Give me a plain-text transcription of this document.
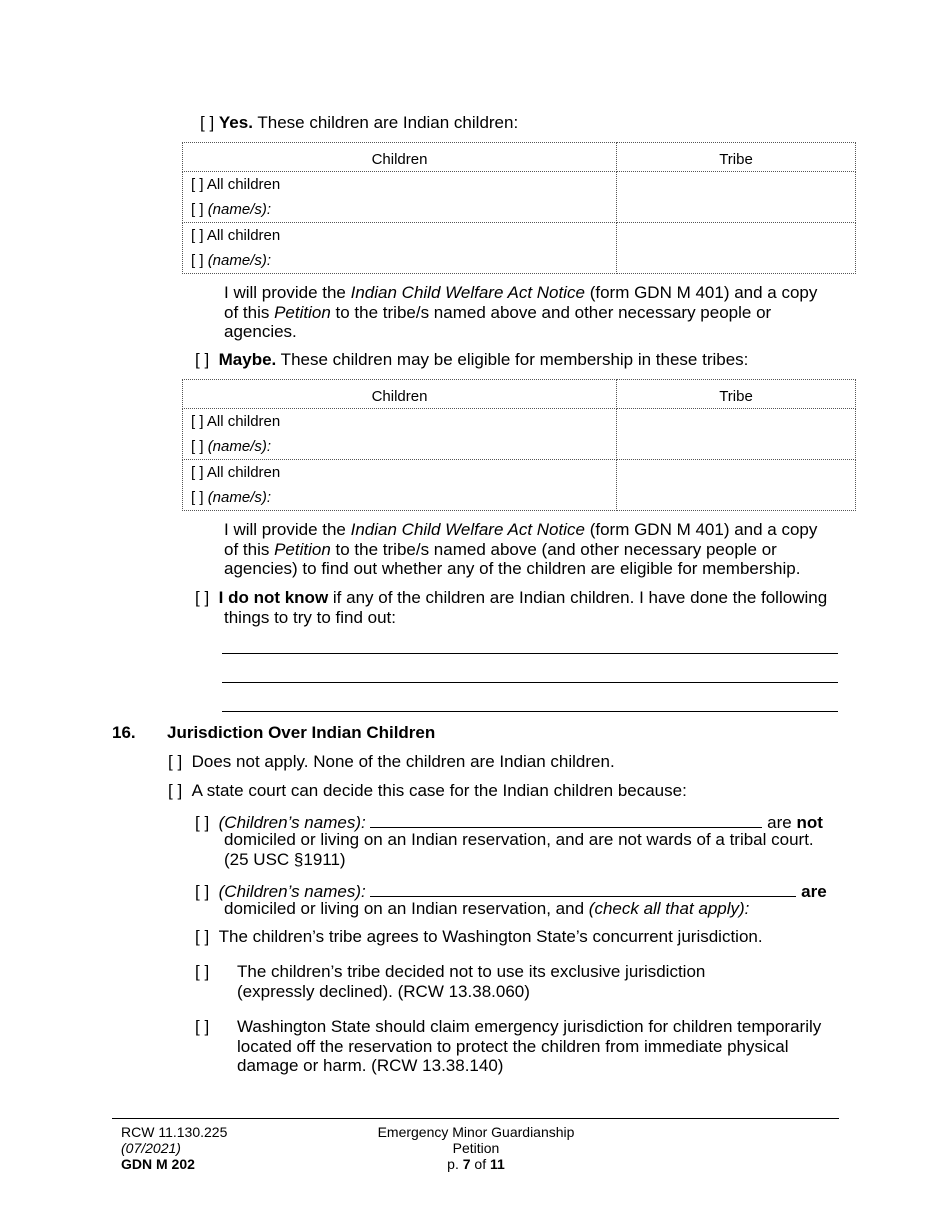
[ ] Yes. These children are Indian children:
Children	Tribe

[ ] All children
[ ] (name/s):	

[ ] All children
[ ] (name/s):	

I will provide the Indian Child Welfare Act Notice (form GDN M 401) and a copy
of this Petition to the tribe/s named above and other necessary people or
agencies.
[ ] Maybe. These children may be eligible for membership in these tribes:
Children	Tribe

[ ] All children
[ ] (name/s):	

[ ] All children
[ ] (name/s):	

I will provide the Indian Child Welfare Act Notice (form GDN M 401) and a copy
of this Petition to the tribe/s named above (and other necessary people or
agencies) to find out whether any of the children are eligible for membership.
[ ] I do not know if any of the children are Indian children. I have done the following
things to try to find out:
16. Jurisdiction Over Indian Children
[ ] Does not apply. None of the children are Indian children.
[ ] A state court can decide this case for the Indian children because:
[ ] (Children’s names):	are not
domiciled or living on an Indian reservation, and are not wards of a tribal court.
(25 USC §1911)
[ ] (Children’s names):	are
domiciled or living on an Indian reservation, and (check all that apply):
[ ] The children’s tribe agrees to Washington State’s concurrent jurisdiction.
[ ] The children’s tribe decided not to use its exclusive jurisdiction
(expressly declined). (RCW 13.38.060)
[ ] Washington State should claim emergency jurisdiction for children temporarily
located off the reservation to protect the children from immediate physical
damage or harm. (RCW 13.38.140)
RCW 11.130.225
(07/2021)
GDN M 202
Emergency Minor Guardianship
Petition
p. 7 of 11
